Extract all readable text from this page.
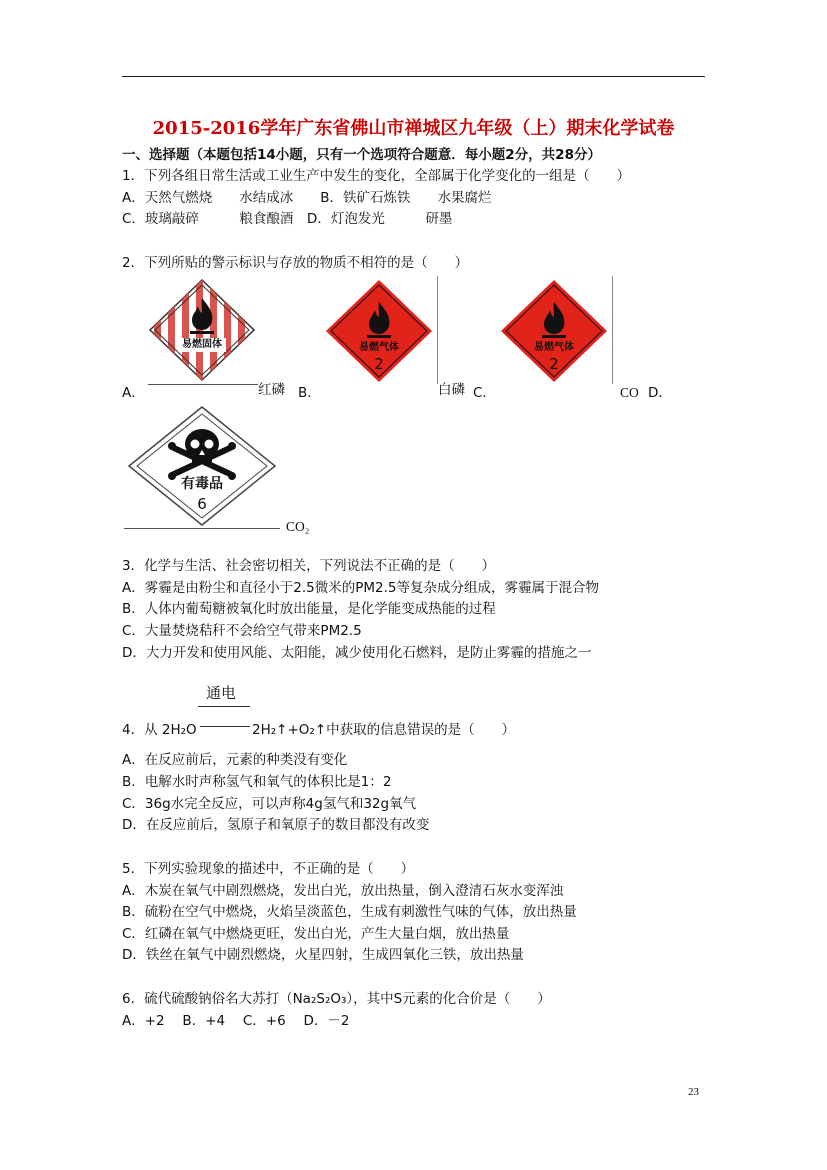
2015-2016学年广东省佛山市禅城区九年级（上）期末化学试卷
一、选择题（本题包括14小题，只有一个选项符合题意．每小题2分，共28分）
1．下列各组日常生活或工业生产中发生的变化，全部属于化学变化的一组是（　　）
A．天然气燃烧　　水结成冰　　B．铁矿石炼铁　　水果腐烂
C．玻璃敲碎　　　粮食酿酒　D．灯泡发光　　　研墨
2．下列所贴的警示标识与存放的物质不相符的是（　　）
易燃固体	易燃气体
2
易燃气体
2
A．	红磷 B．	白磷 C．	CO D．
有毒品
6
CO₂
3．化学与生活、社会密切相关，下列说法不正确的是（　　）
A．雾霾是由粉尘和直径小于2.5微米的PM2.5等复杂成分组成，雾霾属于混合物
B．人体内葡萄糖被氧化时放出能量，是化学能变成热能的过程
C．大量焚烧秸秆不会给空气带来PM2.5
D．大力开发和使用风能、太阳能，减少使用化石燃料，是防止雾霾的措施之一
通电
4．从 2H₂O	2H₂↑+O₂↑中获取的信息错误的是（　　）
A．在反应前后，元素的种类没有变化
B．电解水时声称氢气和氧气的体积比是1：2
C．36g水完全反应，可以声称4g氢气和32g氧气
D．在反应前后，氢原子和氧原子的数目都没有改变
5．下列实验现象的描述中，不正确的是（　　）
A．木炭在氧气中剧烈燃烧，发出白光，放出热量，倒入澄清石灰水变浑浊
B．硫粉在空气中燃烧，火焰呈淡蓝色，生成有刺激性气味的气体，放出热量
C．红磷在氧气中燃烧更旺，发出白光，产生大量白烟，放出热量
D．铁丝在氧气中剧烈燃烧，火星四射，生成四氧化三铁，放出热量
6．硫代硫酸钠俗名大苏打（Na₂S₂O₃），其中S元素的化合价是（　　）
A．+2　 B．+4　 C．+6　 D．－2
23
